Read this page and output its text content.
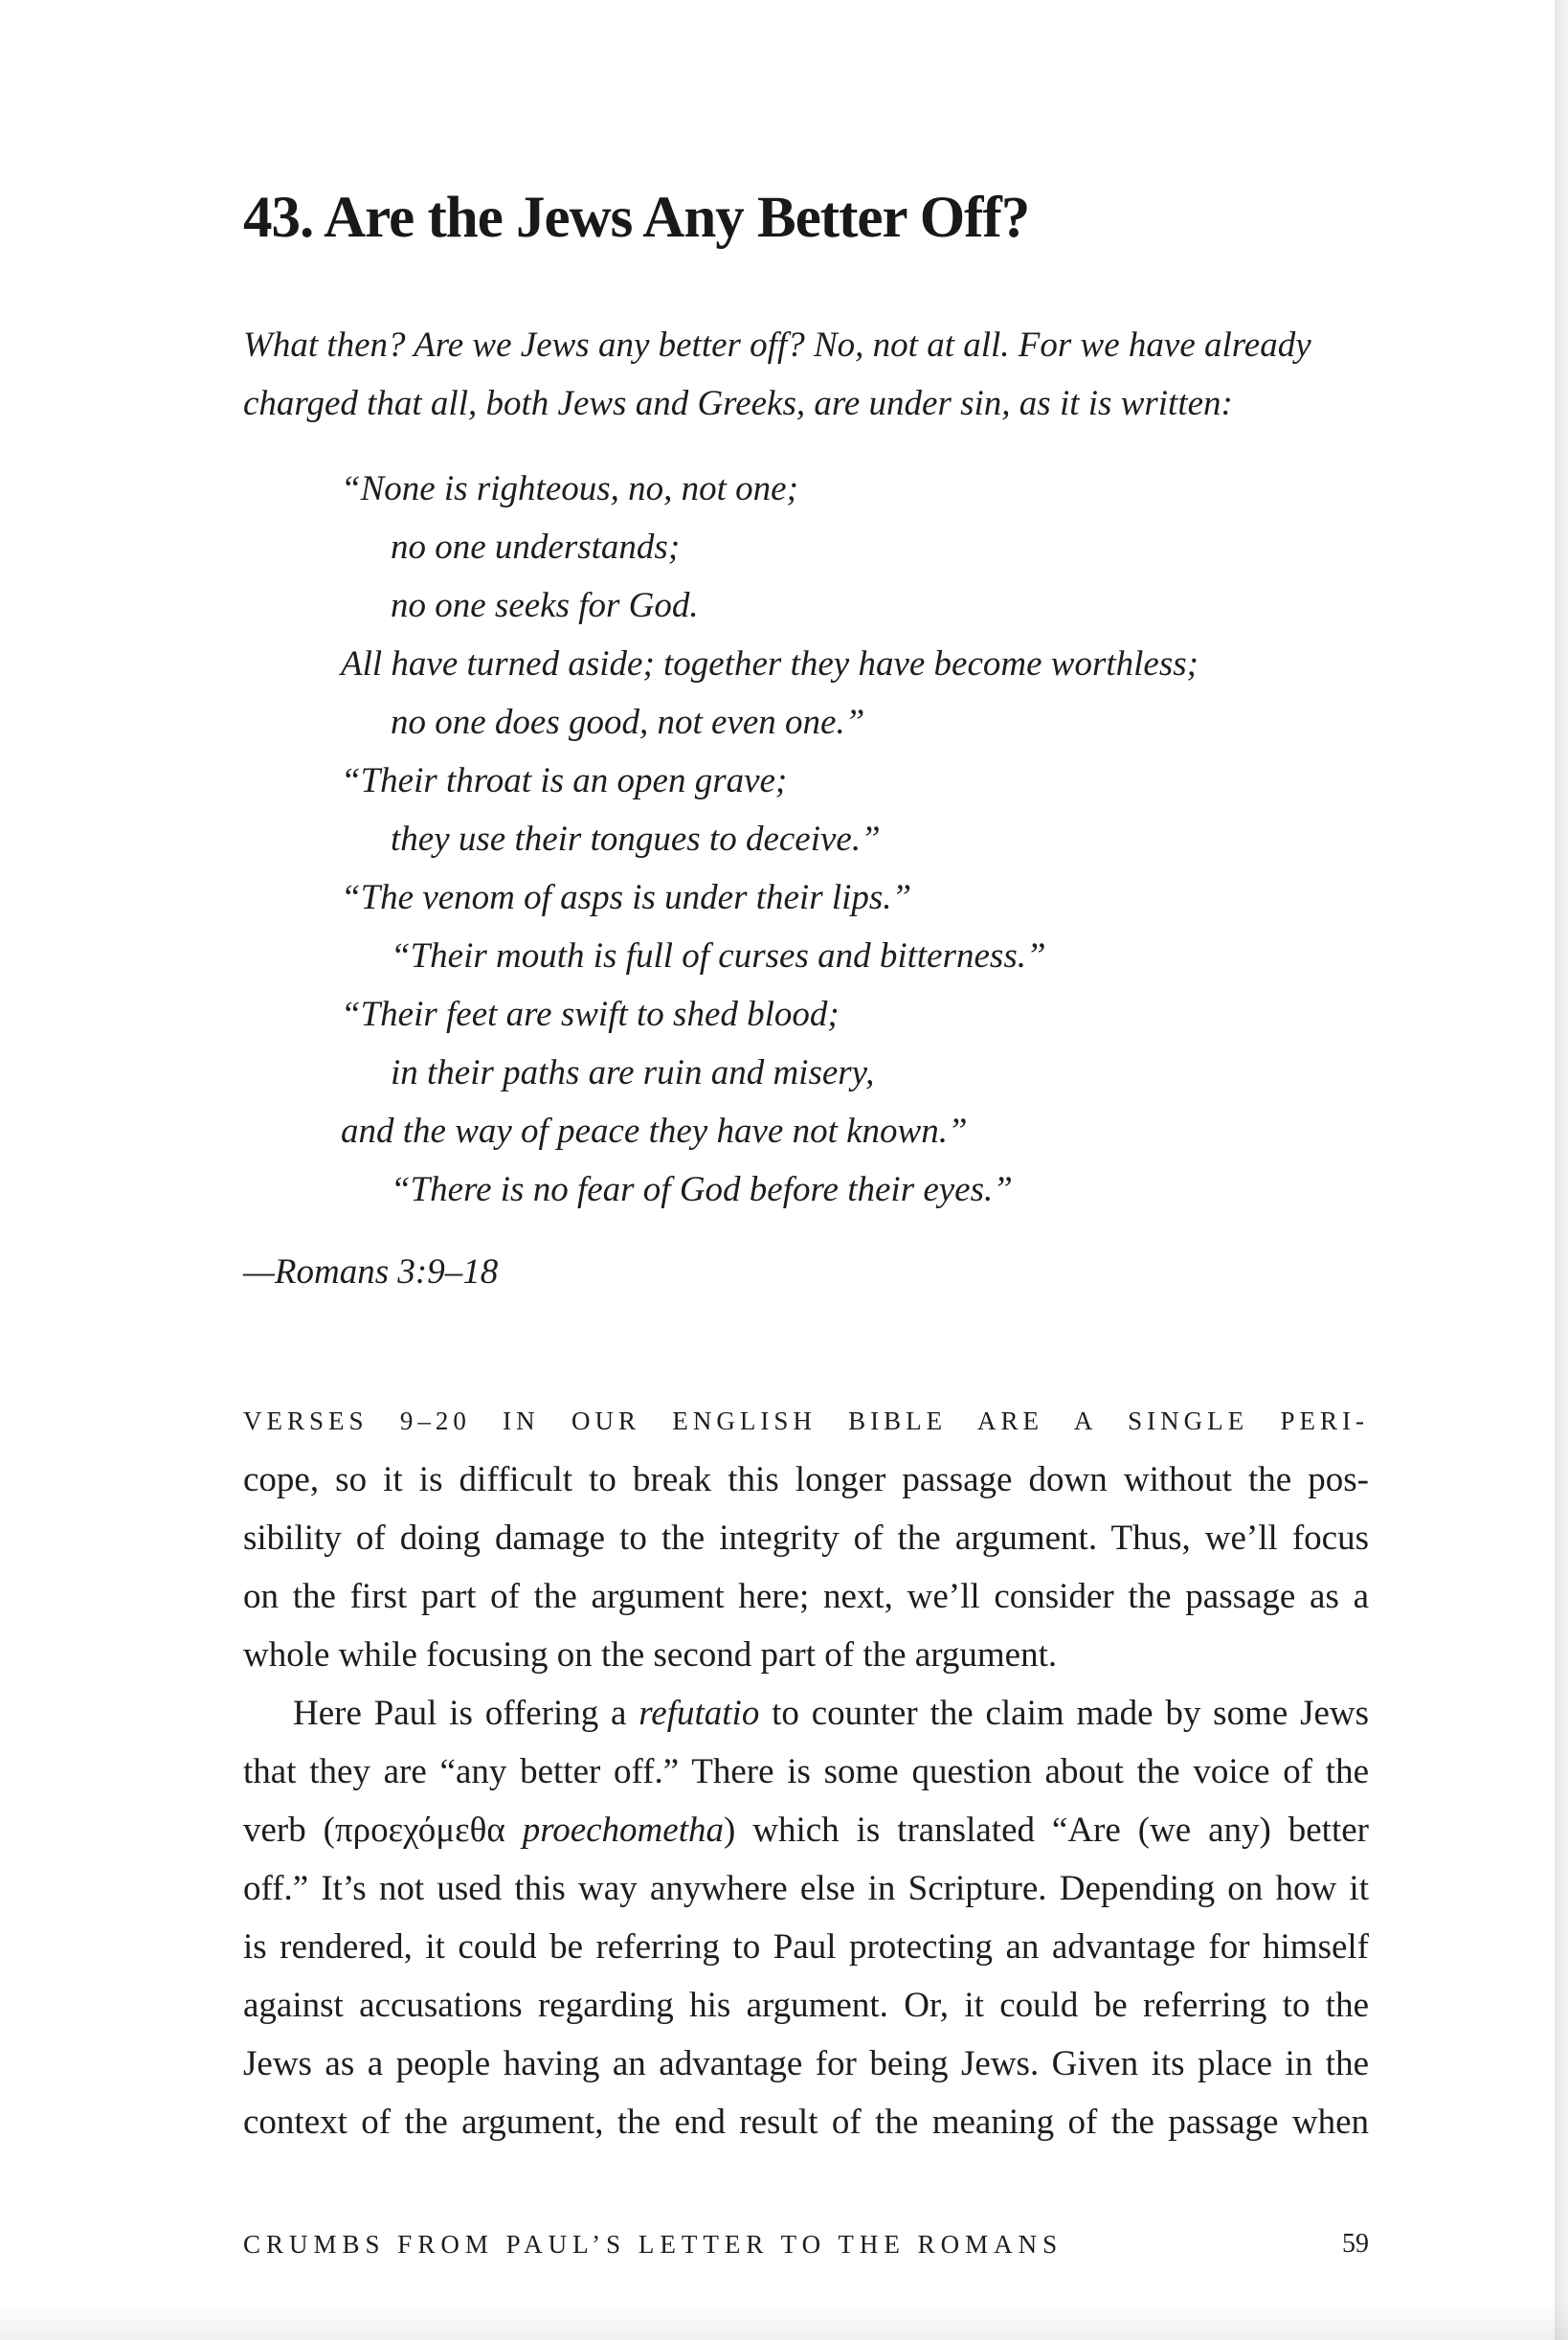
43. Are the Jews Any Better Off?
What then? Are we Jews any better off? No, not at all. For we have already
charged that all, both Jews and Greeks, are under sin, as it is written:
“None is righteous, no, not one;
no one understands;
no one seeks for God.
All have turned aside; together they have become worthless;
no one does good, not even one.”
“Their throat is an open grave;
they use their tongues to deceive.”
“The venom of asps is under their lips.”
“Their mouth is full of curses and bitterness.”
“Their feet are swift to shed blood;
in their paths are ruin and misery,
and the way of peace they have not known.”
“There is no fear of God before their eyes.”
—Romans 3:9–18
VERSES 9–20 IN OUR ENGLISH BIBLE ARE A SINGLE PERI-
cope, so it is difficult to break this longer passage down without the pos-
sibility of doing damage to the integrity of the argument. Thus, we’ll focus
on the first part of the argument here; next, we’ll consider the passage as a
whole while focusing on the second part of the argument.
Here Paul is offering a refutatio to counter the claim made by some Jews
that they are “any better off.” There is some question about the voice of the
verb (προεχόμεθα proechometha) which is translated “Are (we any) better
off.” It’s not used this way anywhere else in Scripture. Depending on how it
is rendered, it could be referring to Paul protecting an advantage for himself
against accusations regarding his argument. Or, it could be referring to the
Jews as a people having an advantage for being Jews. Given its place in the
context of the argument, the end result of the meaning of the passage when
CRUMBS FROM PAUL’S LETTER TO THE ROMANS	59
